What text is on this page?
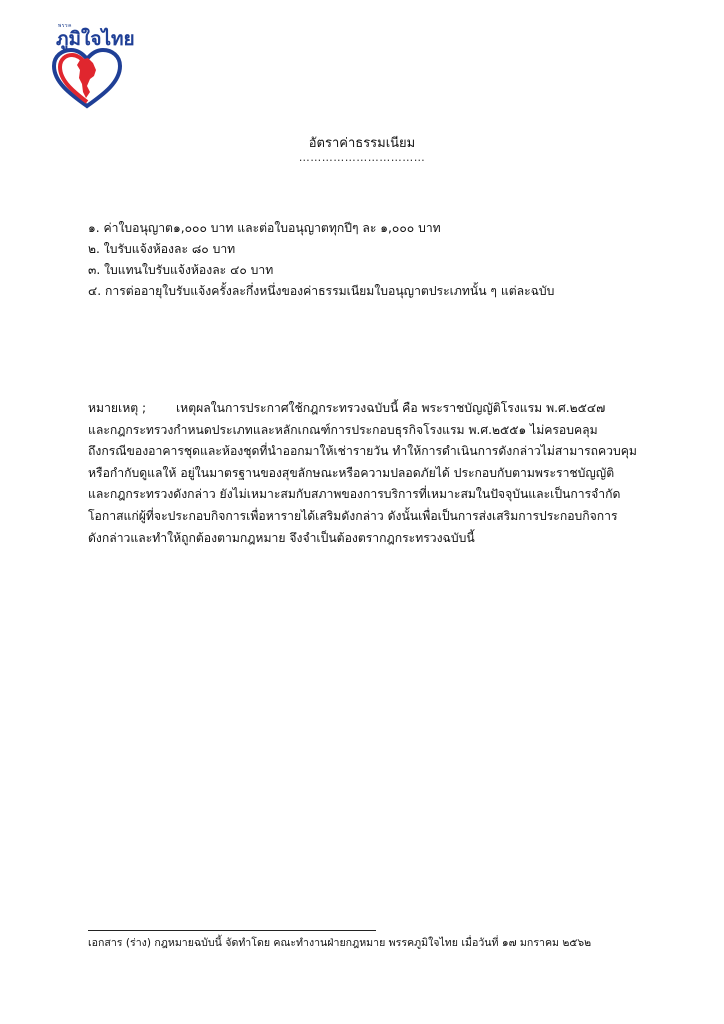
พรรค
ภูมิใจไทย
อัตราค่าธรรมเนียม
……………………………
๑. ค่าใบอนุญาต๑,๐๐๐ บาท และต่อใบอนุญาตทุกปีๆ ละ ๑,๐๐๐ บาท
๒. ใบรับแจ้งห้องละ ๘๐ บาท
๓. ใบแทนใบรับแจ้งห้องละ ๔๐ บาท
๔. การต่ออายุใบรับแจ้งครั้งละกึ่งหนึ่งของค่าธรรมเนียมใบอนุญาตประเภทนั้น ๆ แต่ละฉบับ
หมายเหตุ ; เหตุผลในการประกาศใช้กฎกระทรวงฉบับนี้ คือ พระราชบัญญัติโรงแรม พ.ศ.๒๕๔๗
และกฎกระทรวงกำหนดประเภทและหลักเกณฑ์การประกอบธุรกิจโรงแรม พ.ศ.๒๕๕๑ ไม่ครอบคลุม
ถึงกรณีของอาคารชุดและห้องชุดที่นำออกมาให้เช่ารายวัน ทำให้การดำเนินการดังกล่าวไม่สามารถควบคุม
หรือกำกับดูแลให้ อยู่ในมาตรฐานของสุขลักษณะหรือความปลอดภัยได้ ประกอบกับตามพระราชบัญญัติ
และกฎกระทรวงดังกล่าว ยังไม่เหมาะสมกับสภาพของการบริการที่เหมาะสมในปัจจุบันและเป็นการจำกัด
โอกาสแก่ผู้ที่จะประกอบกิจการเพื่อหารายได้เสริมดังกล่าว ดังนั้นเพื่อเป็นการส่งเสริมการประกอบกิจการ
ดังกล่าวและทำให้ถูกต้องตามกฎหมาย จึงจำเป็นต้องตรากฎกระทรวงฉบับนี้
เอกสาร (ร่าง) กฎหมายฉบับนี้ จัดทำโดย คณะทำงานฝ่ายกฎหมาย พรรคภูมิใจไทย เมื่อวันที่ ๑๗ มกราคม ๒๕๖๒
